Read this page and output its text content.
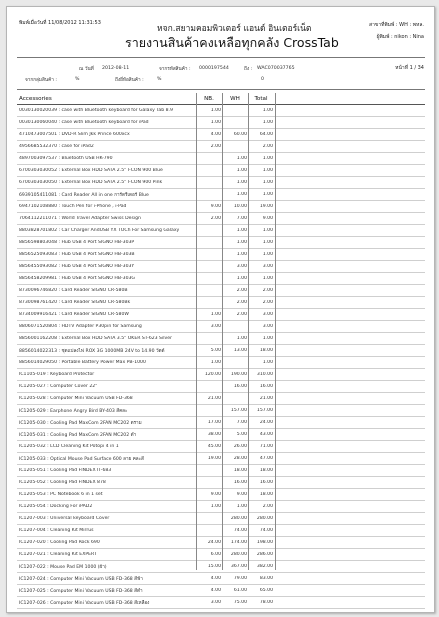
พิมพ์เมื่อวันที่ 11/08/2012 11:31:53
หจก.สยามคอมพิวเตอร์ แอนด์ อินเตอร์เน็ต
รายงานสินค้าคงเหลือทุกคลัง CrossTab
สาขาที่พิมพ์ : WH : พหล.
ผู้พิมพ์ : nikon : Nina
หน้าที่ 1 / 34
ณ วันที่ 2012-08-11	จากรหัสสินค้า : 0000197544	ถึง : WAC070037765
จากกลุ่มสินค้า :	%	ถึงยี่ห้อสินค้า :	%	0
Accessories	NB.	WH	Total
0030130020039 : case with Bluetooth keyboard for Galaxy Tab 8.9	1.00	1.00
0030130060040 : case with Bluetooth keyboard for iPad	1.00	1.00
4710473007501 : DVD-R Slim Jkk Prince 600xcx	4.00	60.00	64.00
4956685532370 : case for iPad2	2.00	2.00
4897003097537 : Bluetooth USB HK-790	1.00	1.00
6700303030052 : External Box HDD SATA 2.5" I-CON 900 Blue	1.00	1.00
6700303030050 : External Box HDD SATA 2.5" I-CON 900 Pink	1.00	1.00
6939105411081 : Card Reader All in one การ์ดรีเดอร์ Blue	1.00	1.00
6947102108880 : Touch Pen for i-Phone , i-Pad	9.00	10.00	19.00
7064112211071 : World Travel Adapter Swiss Design	2.00	7.00	9.00
8803828701802 : Car Charger AndUSB YX TOCh For Samsung Galaxy	1.00	1.00
8856598803048 : Hub USB 4 Port SIGNO HB-303P	1.00	1.00
8856525093083 : Hub USB 4 Port SIGNO HB-303B	1.00	1.00
8856455093082 : Hub USB 4 Port SIGNO HB-303Y	3.00	3.00
8856458209981 : Hub USB 4 Port SIGNO HB-303G	1.00	1.00
8730096746820 : Card Reader SIGNO CR-580B	2.00	2.00
8730098761420 : Card Reader SIGNO CR-580Bk	2.00	2.00
8734009916421 : Card Reader SIGNO CR-580W	1.00	2.00	3.00
8806071520804 : HDTV Adapter P30pin for Samsung	3.00	3.00
8856001162208 : External Box HDD SATA 3.5" OKER ST-623 Silver	1.00	1.00
8856014022313 : ชุดแปลงไฟ ROX 3G 1000MB 24V to 14.90 วัตต์	5.00	13.00	18.00
8856014029050 : Portable Battery Power Max PB-1000	1.00	1.00
IC1105-019 : Keyboard Protector	120.00	190.00	310.00
IC1205-027 : Computer Cover 22"	16.00	16.00
IC1205-028 : Computer Mini Vacuum USB FD-368	21.00	21.00
IC1205-029 : Earphone Angry Bird BY-403 สีคละ	157.00	157.00
IC1205-030 : Cooling Pad MaxCom 2FAN MC202 ตราม	17.00	7.00	24.00
IC1205-031 : Cooling Pad MaxCom 2FAN MC202 ดำ	38.00	5.00	43.00
IC1205-032 : LCD Cleaning Kit Potopi 4 in 1	45.00	26.00	71.00
IC1205-033 : Optical Mouse Pad Surface 600 ลาย คละสี	19.00	28.00	47.00
IC1205-051 : Cooling Pad FINDEX IT-683	18.00	18.00
IC1205-052 : Cooling Pad FINDEX 878	16.00	16.00
IC1205-053 : PC Notebook 6 in 1 set	9.00	9.00	18.00
IC1205-054 : Docking For iPAD2	1.00	1.00	2.00
IC1207-003 : Universal keyboard Cover	280.00	280.00
IC1207-004 : Cleaning Kit Mirrus	74.00	74.00
IC1207-020 : Cooling Pad Rock 690	24.00	174.00	198.00
IC1207-021 : Cleaning Kit EXPERT	6.00	280.00	286.00
IC1207-022 : Mouse Pad EM 1000 (ผ้า)	15.00	367.00	382.00
IC1207-024 : Computer Mini Vacuum USB FD-368 สีฟ้า	4.00	79.00	83.00
IC1207-025 : Computer Mini Vacuum USB FD-368 สีดำ	4.00	61.00	65.00
IC1207-026 : Computer Mini Vacuum USB FD-368 สีเหลือง	3.00	75.00	78.00
